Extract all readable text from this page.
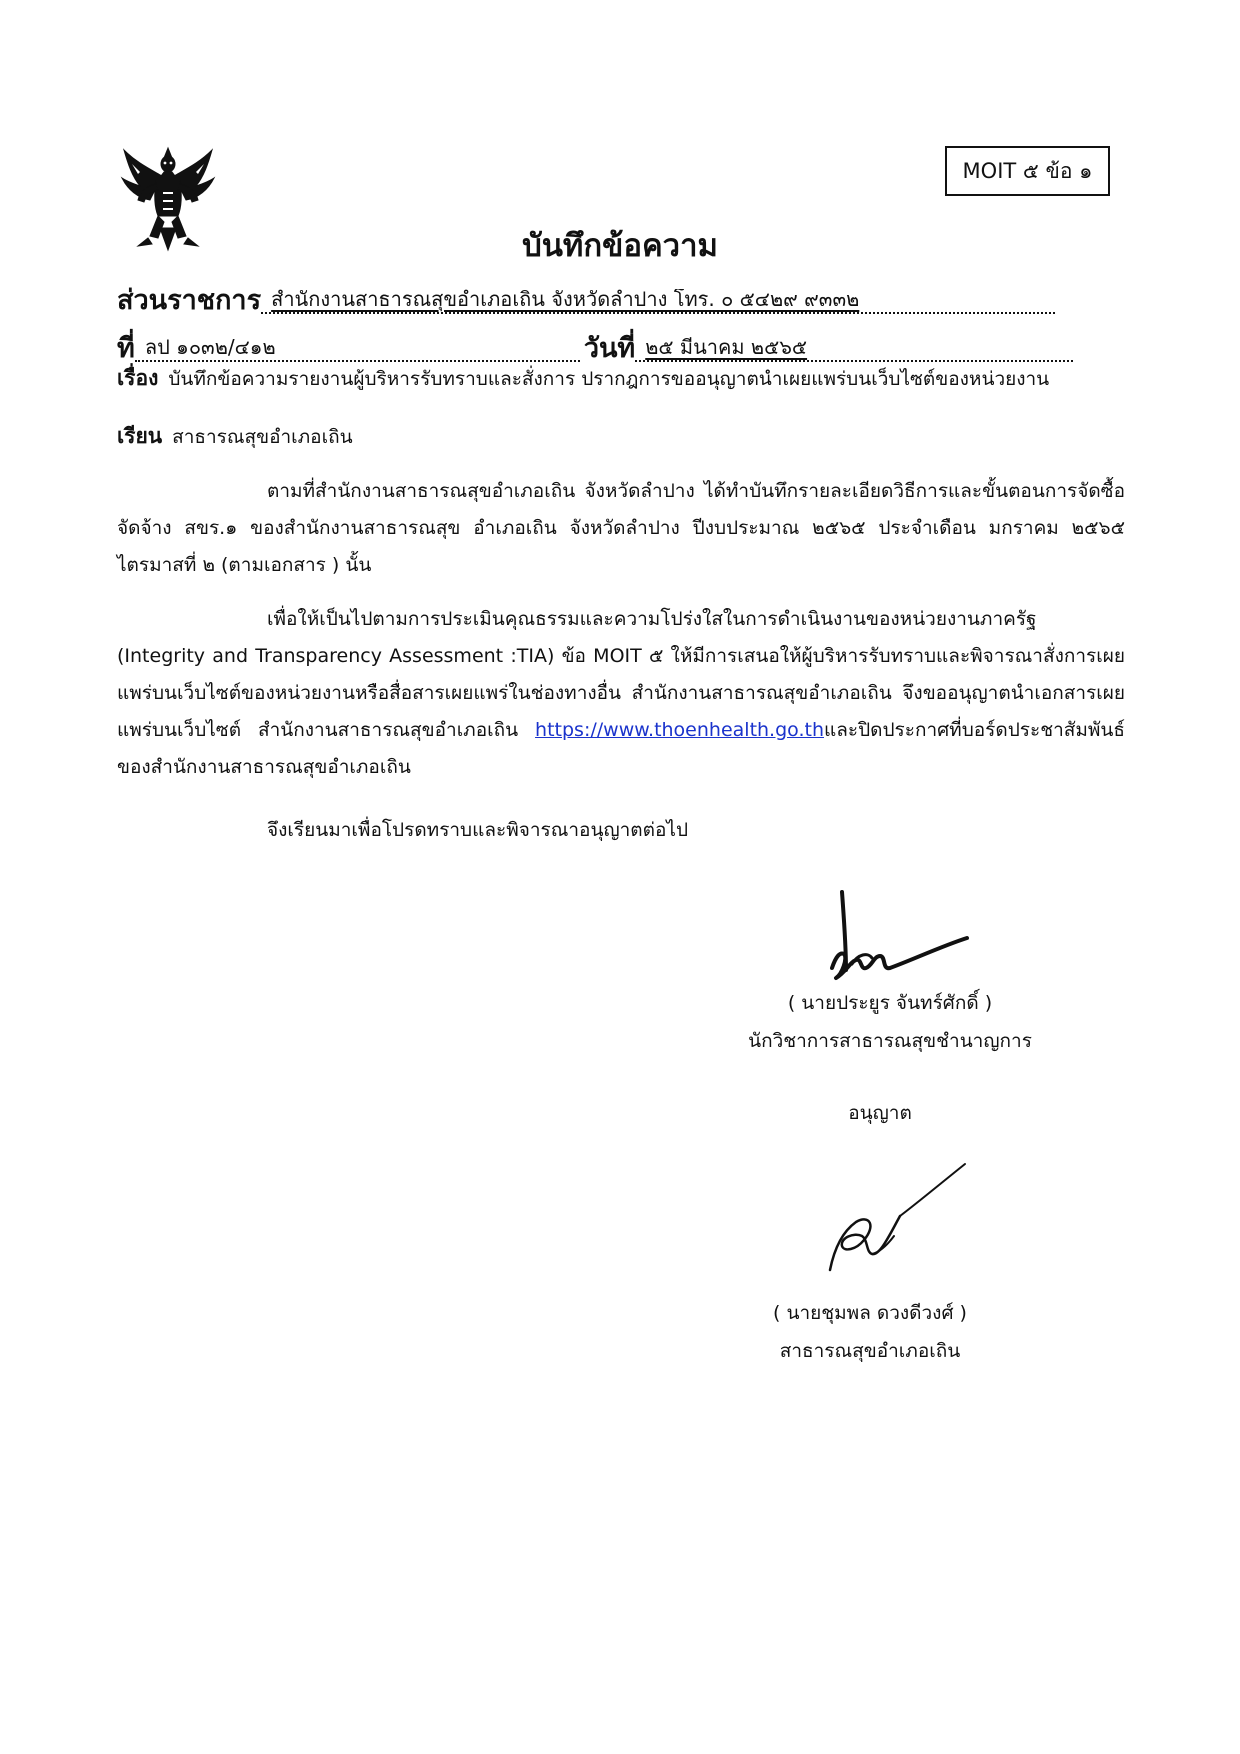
MOIT ๕ ข้อ ๑
บันทึกข้อความ
ส่วนราชการ สำนักงานสาธารณสุขอำเภอเถิน จังหวัดลำปาง โทร. ๐ ๕๔๒๙ ๙๓๓๒
ที่ ลป ๑๐๓๒/๔๑๒	วันที่ ๒๕ มีนาคม ๒๕๖๕
เรื่อง บันทึกข้อความรายงานผู้บริหารรับทราบและสั่งการ ปรากฎการขออนุญาตนำเผยแพร่บนเว็บไซต์ของหน่วยงาน
เรียน สาธารณสุขอำเภอเถิน

ตามที่สำนักงานสาธารณสุขอำเภอเถิน จังหวัดลำปาง ได้ทำบันทึกรายละเอียดวิธีการและขั้นตอนการจัดซื้อจัดจ้าง สขร.๑ ของสำนักงานสาธารณสุข อำเภอเถิน จังหวัดลำปาง ปีงบประมาณ ๒๕๖๕ ประจำเดือน มกราคม ๒๕๖๕ ไตรมาสที่ ๒ (ตามเอกสาร ) นั้น

เพื่อให้เป็นไปตามการประเมินคุณธรรมและความโปร่งใสในการดำเนินงานของหน่วยงานภาครัฐ (Integrity and Transparency Assessment :TIA) ข้อ MOIT ๕ ให้มีการเสนอให้ผู้บริหารรับทราบและพิจารณาสั่งการเผยแพร่บนเว็บไซต์ของหน่วยงานหรือสื่อสารเผยแพร่ในช่องทางอื่น สำนักงานสาธารณสุขอำเภอเถิน จึงขออนุญาตนำเอกสารเผยแพร่บนเว็บไซต์ สำนักงานสาธารณสุขอำเภอเถิน https://www.thoenhealth.go.thและปิดประกาศที่บอร์ดประชาสัมพันธ์ ของสำนักงานสาธารณสุขอำเภอเถิน

จึงเรียนมาเพื่อโปรดทราบและพิจารณาอนุญาตต่อไป

( นายประยูร จันทร์ศักดิ์ )
นักวิชาการสาธารณสุขชำนาญการ
อนุญาต
( นายชุมพล ดวงดีวงศ์ )
สาธารณสุขอำเภอเถิน
